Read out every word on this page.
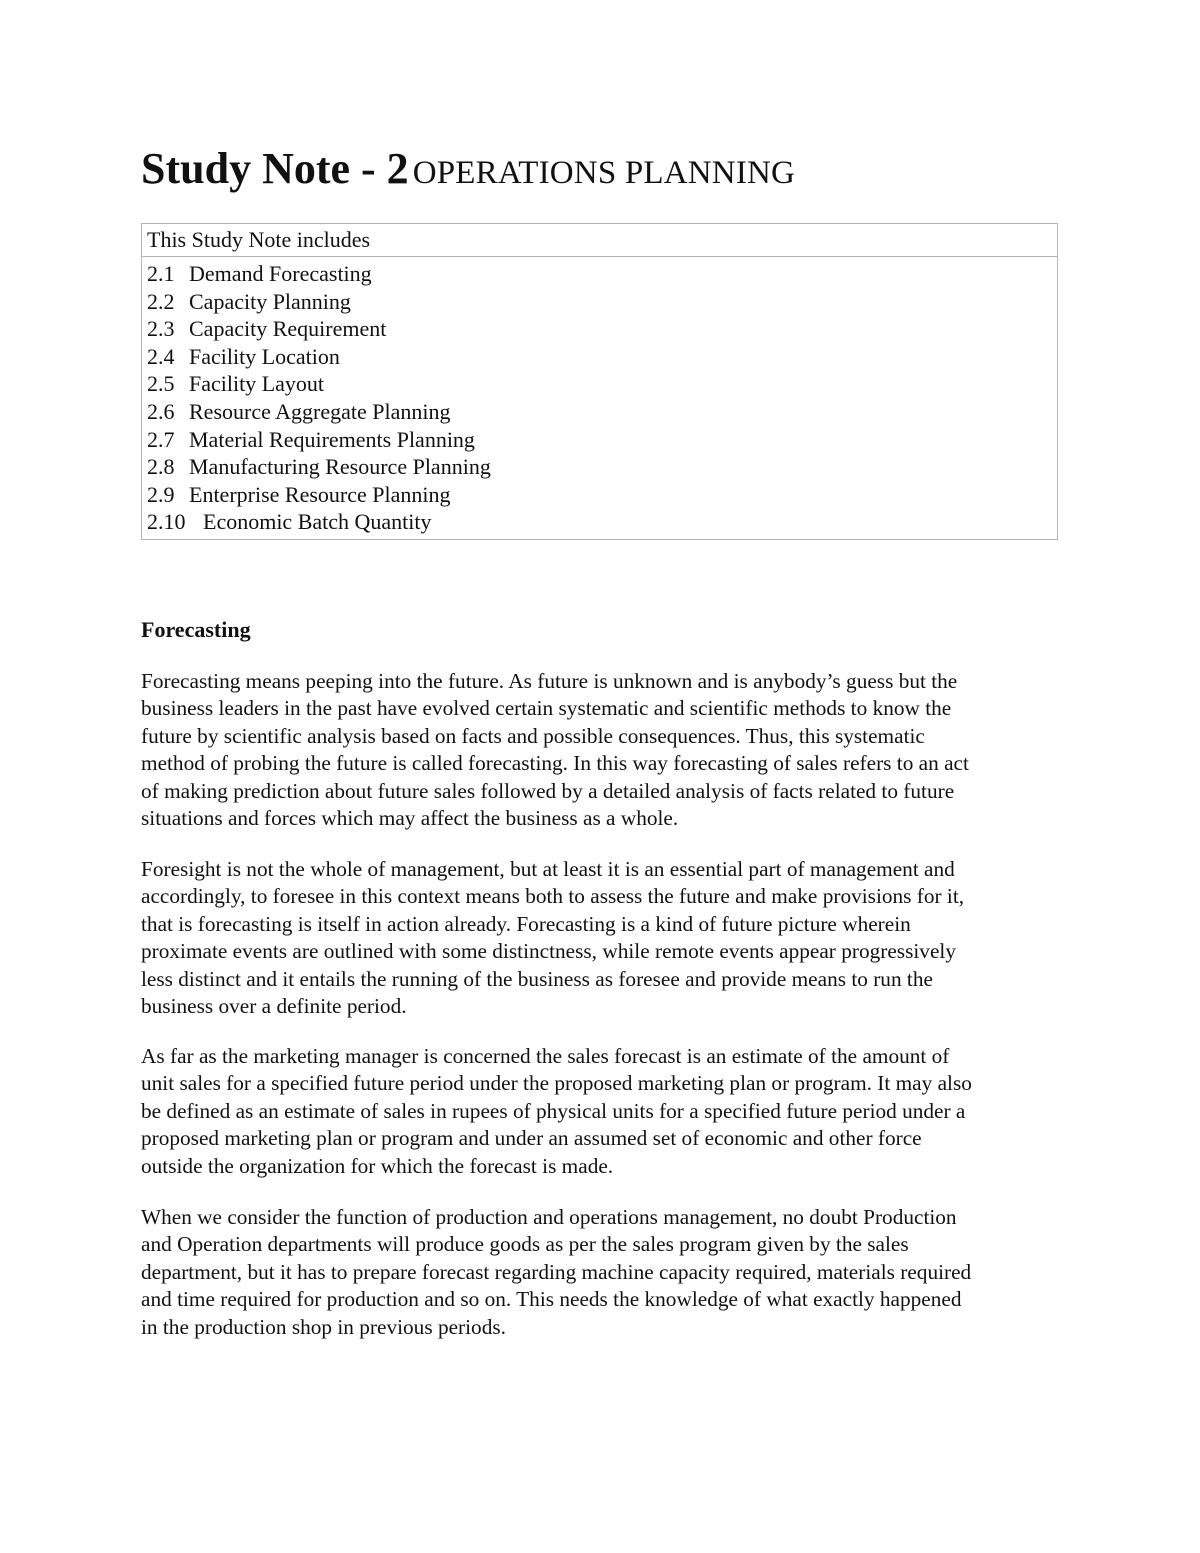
Study Note - 2 OPERATIONS PLANNING
This Study Note includes
2.1 Demand Forecasting
2.2 Capacity Planning
2.3 Capacity Requirement
2.4 Facility Location
2.5 Facility Layout
2.6 Resource Aggregate Planning
2.7 Material Requirements Planning
2.8 Manufacturing Resource Planning
2.9 Enterprise Resource Planning
2.10 Economic Batch Quantity
Forecasting

Forecasting means peeping into the future. As future is unknown and is anybody’s guess but the
business leaders in the past have evolved certain systematic and scientific methods to know the
future by scientific analysis based on facts and possible consequences. Thus, this systematic
method of probing the future is called forecasting. In this way forecasting of sales refers to an act
of making prediction about future sales followed by a detailed analysis of facts related to future
situations and forces which may affect the business as a whole.

Foresight is not the whole of management, but at least it is an essential part of management and
accordingly, to foresee in this context means both to assess the future and make provisions for it,
that is forecasting is itself in action already. Forecasting is a kind of future picture wherein
proximate events are outlined with some distinctness, while remote events appear progressively
less distinct and it entails the running of the business as foresee and provide means to run the
business over a definite period.

As far as the marketing manager is concerned the sales forecast is an estimate of the amount of
unit sales for a specified future period under the proposed marketing plan or program. It may also
be defined as an estimate of sales in rupees of physical units for a specified future period under a
proposed marketing plan or program and under an assumed set of economic and other force
outside the organization for which the forecast is made.

When we consider the function of production and operations management, no doubt Production
and Operation departments will produce goods as per the sales program given by the sales
department, but it has to prepare forecast regarding machine capacity required, materials required
and time required for production and so on. This needs the knowledge of what exactly happened
in the production shop in previous periods.
